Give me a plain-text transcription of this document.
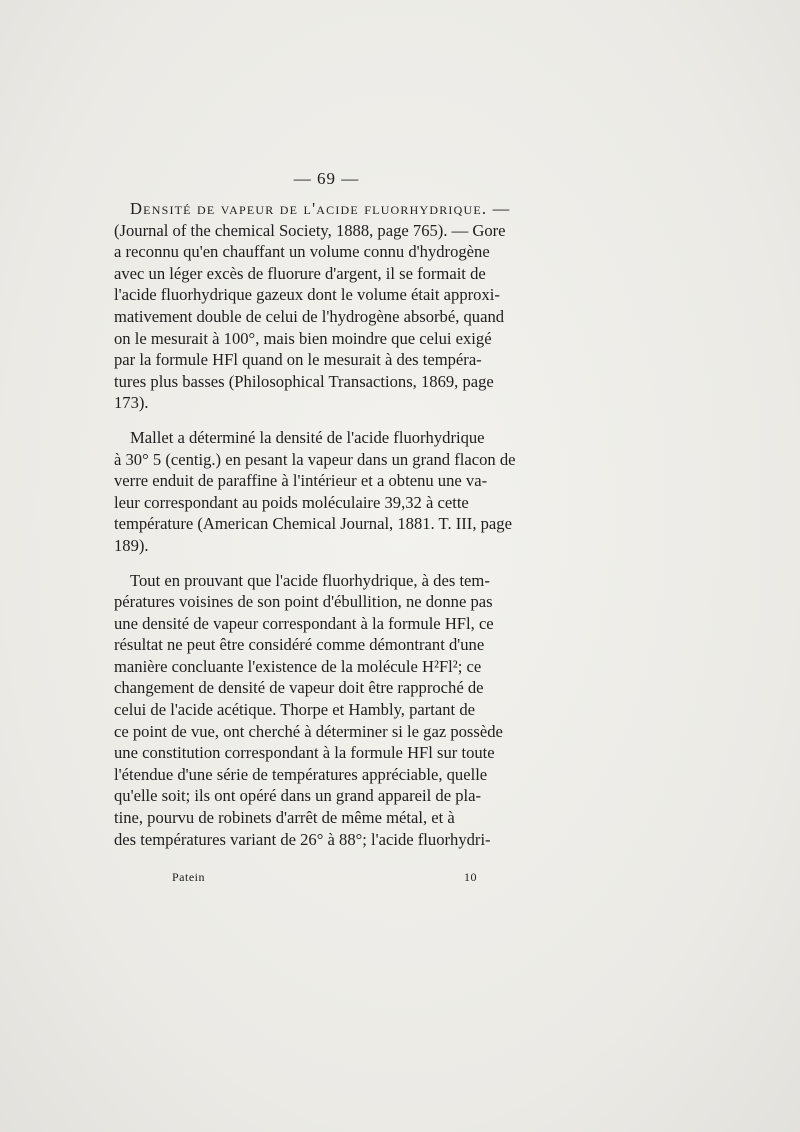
— 69 —

Densité de vapeur de l'acide fluorhydrique. —
(Journal of the chemical Society, 1888, page 765). — Gore
a reconnu qu'en chauffant un volume connu d'hydrogène
avec un léger excès de fluorure d'argent, il se formait de
l'acide fluorhydrique gazeux dont le volume était approxi-
mativement double de celui de l'hydrogène absorbé, quand
on le mesurait à 100°, mais bien moindre que celui exigé
par la formule HFl quand on le mesurait à des tempéra-
tures plus basses (Philosophical Transactions, 1869, page
173).

Mallet a déterminé la densité de l'acide fluorhydrique
à 30° 5 (centig.) en pesant la vapeur dans un grand flacon de
verre enduit de paraffine à l'intérieur et a obtenu une va-
leur correspondant au poids moléculaire 39,32 à cette
température (American Chemical Journal, 1881. T. III, page
189).

Tout en prouvant que l'acide fluorhydrique, à des tem-
pératures voisines de son point d'ébullition, ne donne pas
une densité de vapeur correspondant à la formule HFl, ce
résultat ne peut être considéré comme démontrant d'une
manière concluante l'existence de la molécule H²Fl²; ce
changement de densité de vapeur doit être rapproché de
celui de l'acide acétique. Thorpe et Hambly, partant de
ce point de vue, ont cherché à déterminer si le gaz possède
une constitution correspondant à la formule HFl sur toute
l'étendue d'une série de températures appréciable, quelle
qu'elle soit; ils ont opéré dans un grand appareil de pla-
tine, pourvu de robinets d'arrêt de même métal, et à
des températures variant de 26° à 88°; l'acide fluorhydri-

Patein	10
